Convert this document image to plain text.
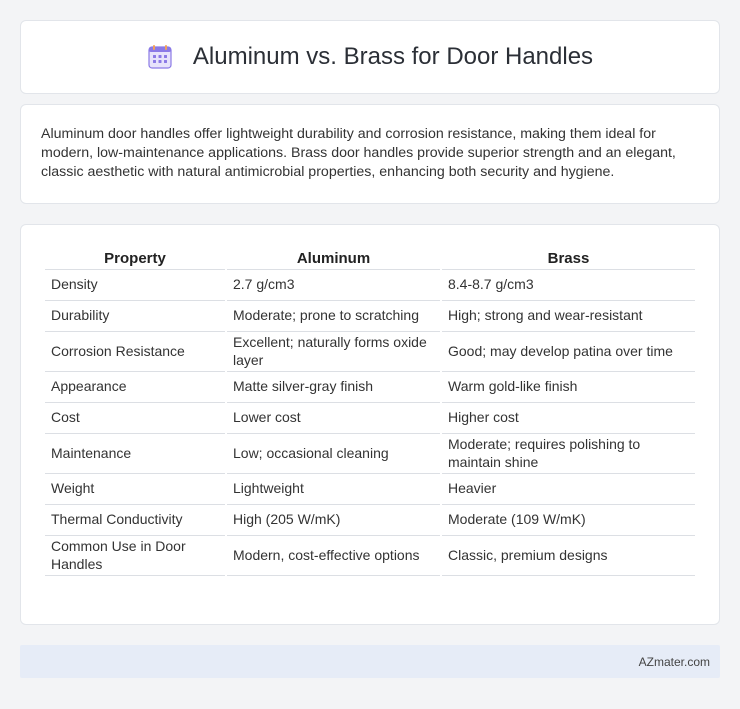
Aluminum vs. Brass for Door Handles

Aluminum door handles offer lightweight durability and corrosion resistance, making them ideal for modern, low-maintenance applications. Brass door handles provide superior strength and an elegant, classic aesthetic with natural antimicrobial properties, enhancing both security and hygiene.

Property	Aluminum	Brass
Density	2.7 g/cm3	8.4-8.7 g/cm3
Durability	Moderate; prone to scratching	High; strong and wear-resistant
Corrosion Resistance	Excellent; naturally forms oxide layer	Good; may develop patina over time
Appearance	Matte silver-gray finish	Warm gold-like finish
Cost	Lower cost	Higher cost
Maintenance	Low; occasional cleaning	Moderate; requires polishing to maintain shine
Weight	Lightweight	Heavier
Thermal Conductivity	High (205 W/mK)	Moderate (109 W/mK)
Common Use in Door Handles	Modern, cost-effective options	Classic, premium designs
AZmater.com
